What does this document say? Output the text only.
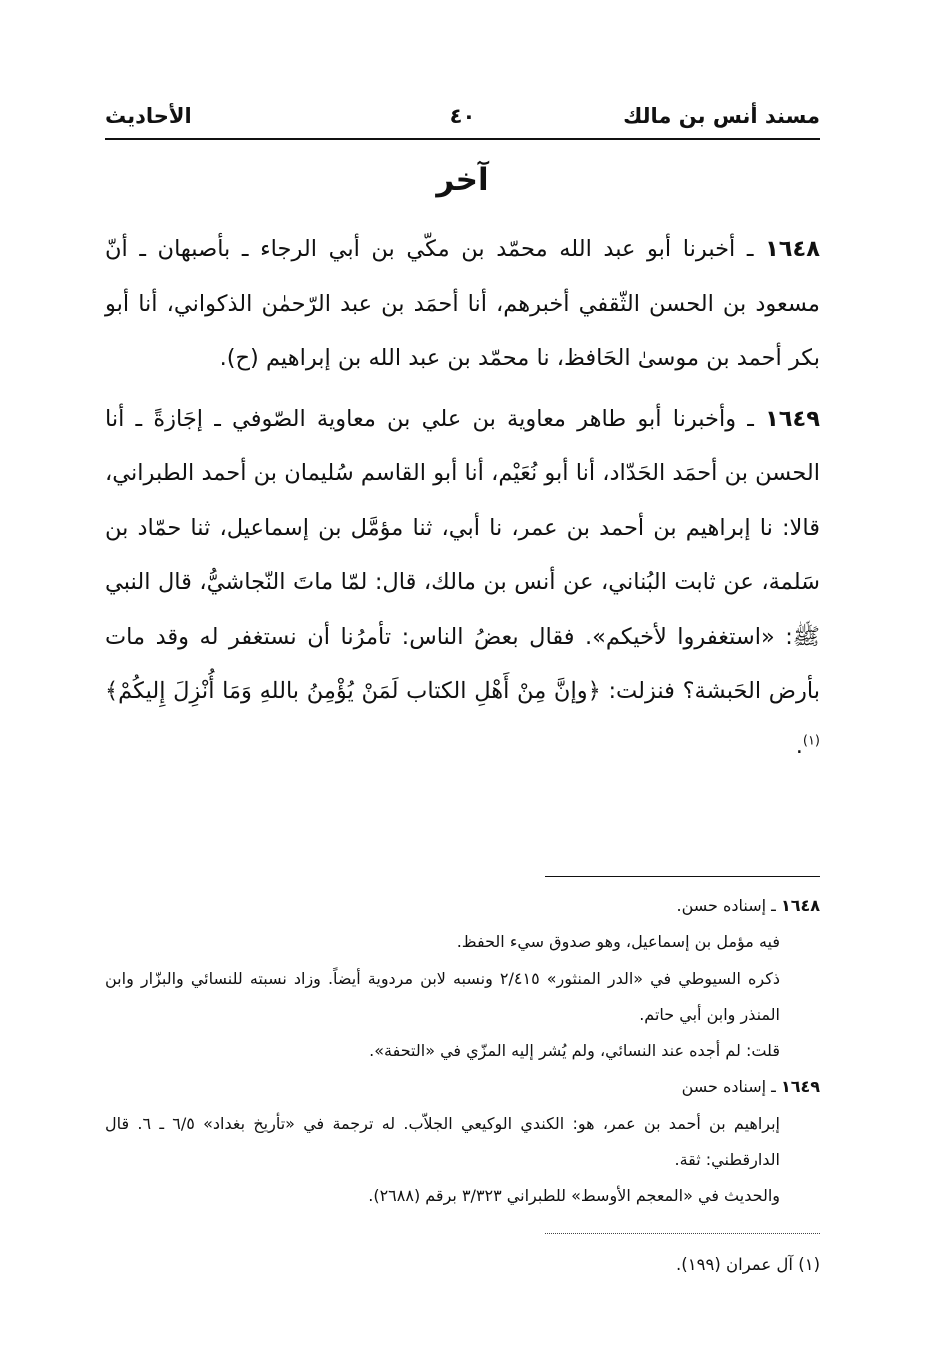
مسند أنس بن مالك
٤٠
الأحاديث
آخر

١٦٤٨ ـ أخبرنا أبو عبد الله محمّد بن مكّي بن أبي الرجاء ـ بأصبهان ـ أنّ مسعود بن الحسن الثّقفي أخبرهم، أنا أحمَد بن عبد الرّحمٰن الذكواني، أنا أبو بكر أحمد بن موسىٰ الحَافظ، نا محمّد بن عبد الله بن إبراهيم (ح).

١٦٤٩ ـ وأخبرنا أبو طاهر معاوية بن علي بن معاوية الصّوفي ـ إجَازةً ـ أنا الحسن بن أحمَد الحَدّاد، أنا أبو نُعَيْم، أنا أبو القاسم سُليمان بن أحمد الطبراني، قالا: نا إبراهيم بن أحمد بن عمر، نا أبي، ثنا مؤمَّل بن إسماعيل، ثنا حمّاد بن سَلمة، عن ثابت البُناني، عن أنس بن مالك، قال: لمّا ماتَ النّجاشيُّ، قال النبي ﷺ: «استغفروا لأخيكم». فقال بعضُ الناس: تأمرُنا أن نستغفر له وقد مات بأرض الحَبشة؟ فنزلت: ﴿وإنَّ مِنْ أَهْلِ الكتاب لَمَنْ يُؤْمِنُ باللهِ وَمَا أُنْزِلَ إِليكُمْ﴾$^{(١)}$.

١٦٤٨ ـ إسناده حسن.

فيه مؤمل بن إسماعيل، وهو صدوق سيء الحفظ.

ذكره السيوطي في «الدر المنثور» ٢/٤١٥ ونسبه لابن مردوية أيضاً. وزاد نسبته للنسائي والبزّار وابن المنذر وابن أبي حاتم.

قلت: لم أجده عند النسائي، ولم يُشر إليه المزّي في «التحفة».

١٦٤٩ ـ إسناده حسن

إبراهيم بن أحمد بن عمر، هو: الكندي الوكيعي الجلاّب. له ترجمة في «تأريخ بغداد» ٦/٥ ـ ٦. قال الدارقطني: ثقة.

والحديث في «المعجم الأوسط» للطبراني ٣/٣٢٣ برقم (٢٦٨٨).

(١) آل عمران (١٩٩).
